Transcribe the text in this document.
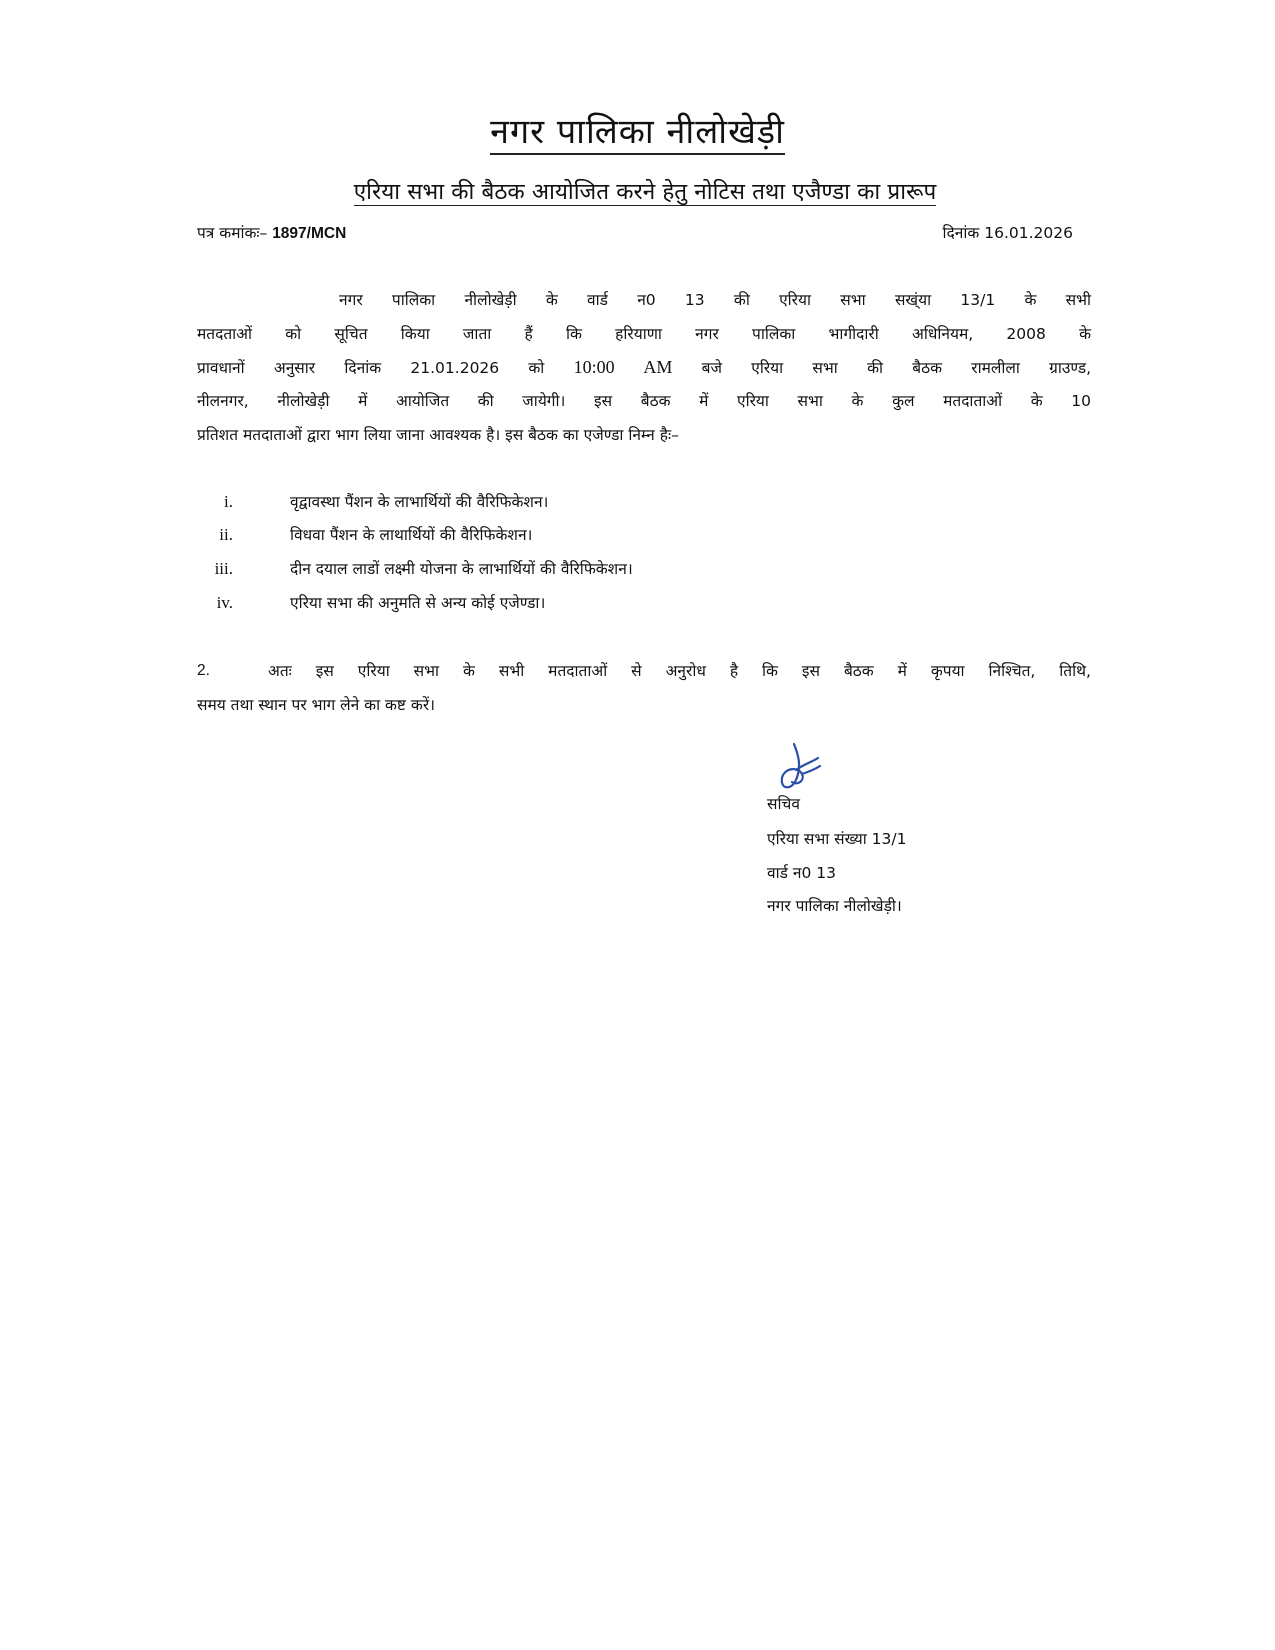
नगर पालिका नीलोखेड़ी
एरिया सभा की बैठक आयोजित करने हेतु नोटिस तथा एजैण्डा का प्रारूप
पत्र कमांकः– 1897/MCN	दिनांक 16.01.2026
नगर पालिका नीलोखेड़ी के वार्ड न0 13 की एरिया सभा सख्ंया 13/1 के सभी
मतदताओं को सूचित किया जाता हैं कि हरियाणा नगर पालिका भागीदारी अधिनियम, 2008 के
प्रावधानों अनुसार दिनांक 21.01.2026 को 10:00 AM बजे एरिया सभा की बैठक रामलीला ग्राउण्ड,
नीलनगर, नीलोखेड़ी में आयोजित की जायेगी। इस बैठक में एरिया सभा के कुल मतदाताओं के 10
प्रतिशत मतदाताओं द्वारा भाग लिया जाना आवश्यक है। इस बैठक का एजेण्डा निम्न हैः–
i.	वृद्वावस्था पैंशन के लाभार्थियों की वैरिफिकेशन।
ii.	विधवा पैंशन के लाथार्थियों की वैरिफिकेशन।
iii.	दीन दयाल लाडों लक्ष्मी योजना के लाभार्थियों की वैरिफिकेशन।
iv.	एरिया सभा की अनुमति से अन्य कोई एजेण्डा।
2.	अतः इस एरिया सभा के सभी मतदाताओं से अनुरोध है कि इस बैठक में कृपया निश्चित, तिथि,
समय तथा स्थान पर भाग लेने का कष्ट करें।
सचिव
एरिया सभा संख्या 13/1
वार्ड न0 13
नगर पालिका नीलोखेड़ी।
